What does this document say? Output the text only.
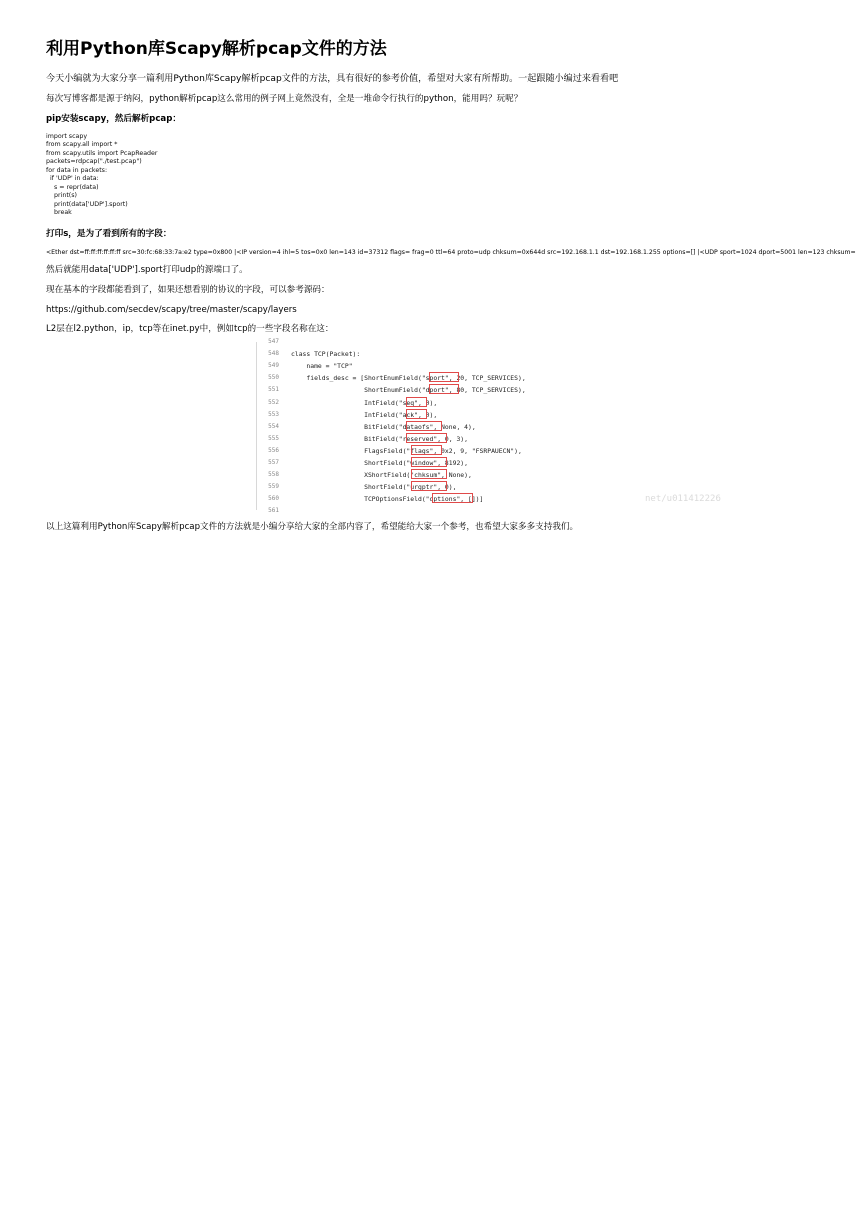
利用Python库Scapy解析pcap文件的方法

今天小编就为大家分享一篇利用Python库Scapy解析pcap文件的方法，具有很好的参考价值，希望对大家有所帮助。一起跟随小编过来看看吧

每次写博客都是源于纳闷，python解析pcap这么常用的例子网上竟然没有，全是一堆命令行执行的python，能用吗？玩呢？

pip安装scapy，然后解析pcap：

import scapy
from scapy.all import *
from scapy.utils import PcapReader
packets=rdpcap("./test.pcap")
for data in packets:
if 'UDP' in data:
s = repr(data)
print(s)
print(data['UDP'].sport)
break

打印s，是为了看到所有的字段：

<Ether dst=ff:ff:ff:ff:ff:ff src=30:fc:68:33:7a:e2 type=0x800 |<IP version=4 ihl=5 tos=0x0 len=143 id=37312 flags= frag=0 ttl=64 proto=udp chksum=0x644d src=192.168.1.1 dst=192.168.1.255 options=[] |<UDP sport=1024 dport=5001 len=123 chksum=

然后就能用data['UDP'].sport打印udp的源端口了。

现在基本的字段都能看到了，如果还想看别的协议的字段，可以参考源码：

https://github.com/secdev/scapy/tree/master/scapy/layers

L2层在l2.python，ip，tcp等在inet.py中，例如tcp的一些字段名称在这：

547
548 class TCP(Packet):
549 name = "TCP"
550 fields_desc = [ShortEnumField("sport", 20, TCP_SERVICES),
551 ShortEnumField("dport", 80, TCP_SERVICES),
552 IntField("seq", 0),
553 IntField("ack", 0),
554 BitField("dataofs", None, 4),
555 BitField("reserved", 0, 3),
556 FlagsField("flags", 0x2, 9, "FSRPAUECN"),
557 ShortField("window", 8192),
558 XShortField("chksum", None),
559 ShortField("urgptr", 0),
560 TCPOptionsField("options", [])]
561
net/u011412226

以上这篇利用Python库Scapy解析pcap文件的方法就是小编分享给大家的全部内容了，希望能给大家一个参考，也希望大家多多支持我们。
